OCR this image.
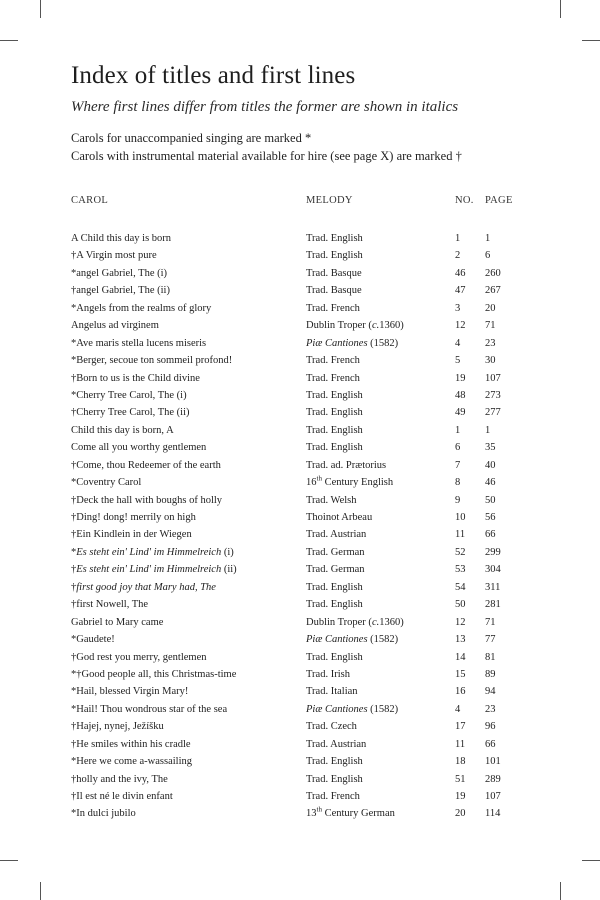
Index of titles and first lines

Where first lines differ from titles the former are shown in italics

Carols for unaccompanied singing are marked *

Carols with instrumental material available for hire (see page X) are marked †

CAROL	MELODY	NO. PAGE
A Child this day is born	Trad. English	1 1
†A Virgin most pure	Trad. English	2 6
*angel Gabriel, The (i)	Trad. Basque	46 260
†angel Gabriel, The (ii)	Trad. Basque	47 267
*Angels from the realms of glory	Trad. French	3 20
Angelus ad virginem	Dublin Troper (c.1360)	12 71
*Ave maris stella lucens miseris	Piæ Cantiones (1582)	4 23
*Berger, secoue ton sommeil profond!	Trad. French	5 30
†Born to us is the Child divine	Trad. French	19 107
*Cherry Tree Carol, The (i)	Trad. English	48 273
†Cherry Tree Carol, The (ii)	Trad. English	49 277
Child this day is born, A	Trad. English	1 1
Come all you worthy gentlemen	Trad. English	6 35
†Come, thou Redeemer of the earth	Trad. ad. Prætorius	7 40
*Coventry Carol	16th Century English	8 46
†Deck the hall with boughs of holly	Trad. Welsh	9 50
†Ding! dong! merrily on high	Thoinot Arbeau	10 56
†Ein Kindlein in der Wiegen	Trad. Austrian	11 66
*Es steht ein' Lind' im Himmelreich (i)	Trad. German	52 299
†Es steht ein' Lind' im Himmelreich (ii)	Trad. German	53 304
†first good joy that Mary had, The	Trad. English	54 311
†first Nowell, The	Trad. English	50 281
Gabriel to Mary came	Dublin Troper (c.1360)	12 71
*Gaudete!	Piæ Cantiones (1582)	13 77
†God rest you merry, gentlemen	Trad. English	14 81
*†Good people all, this Christmas-time	Trad. Irish	15 89
*Hail, blessed Virgin Mary!	Trad. Italian	16 94
*Hail! Thou wondrous star of the sea	Piæ Cantiones (1582)	4 23
†Hajej, nynej, Ježíšku	Trad. Czech	17 96
†He smiles within his cradle	Trad. Austrian	11 66
*Here we come a-wassailing	Trad. English	18 101
†holly and the ivy, The	Trad. English	51 289
†Il est né le divin enfant	Trad. French	19 107
*In dulci jubilo	13th Century German	20 114
